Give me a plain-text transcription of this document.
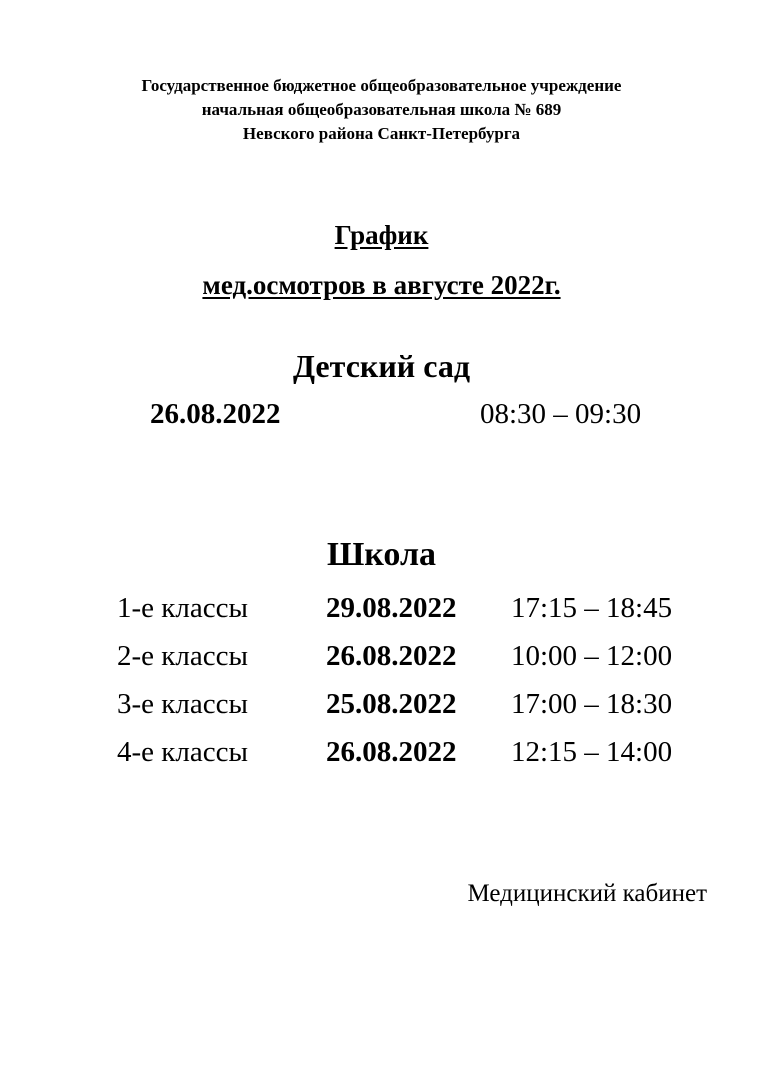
Государственное бюджетное общеобразовательное учреждение
начальная общеобразовательная школа № 689
Невского района Санкт-Петербурга
График
мед.осмотров в августе 2022г.
Детский сад
26.08.2022	08:30 – 09:30
Школа
1-е классы	29.08.2022 17:15 – 18:45
2-е классы	26.08.2022 10:00 – 12:00
3-е классы	25.08.2022 17:00 – 18:30
4-е классы	26.08.2022 12:15 – 14:00
Медицинский кабинет
